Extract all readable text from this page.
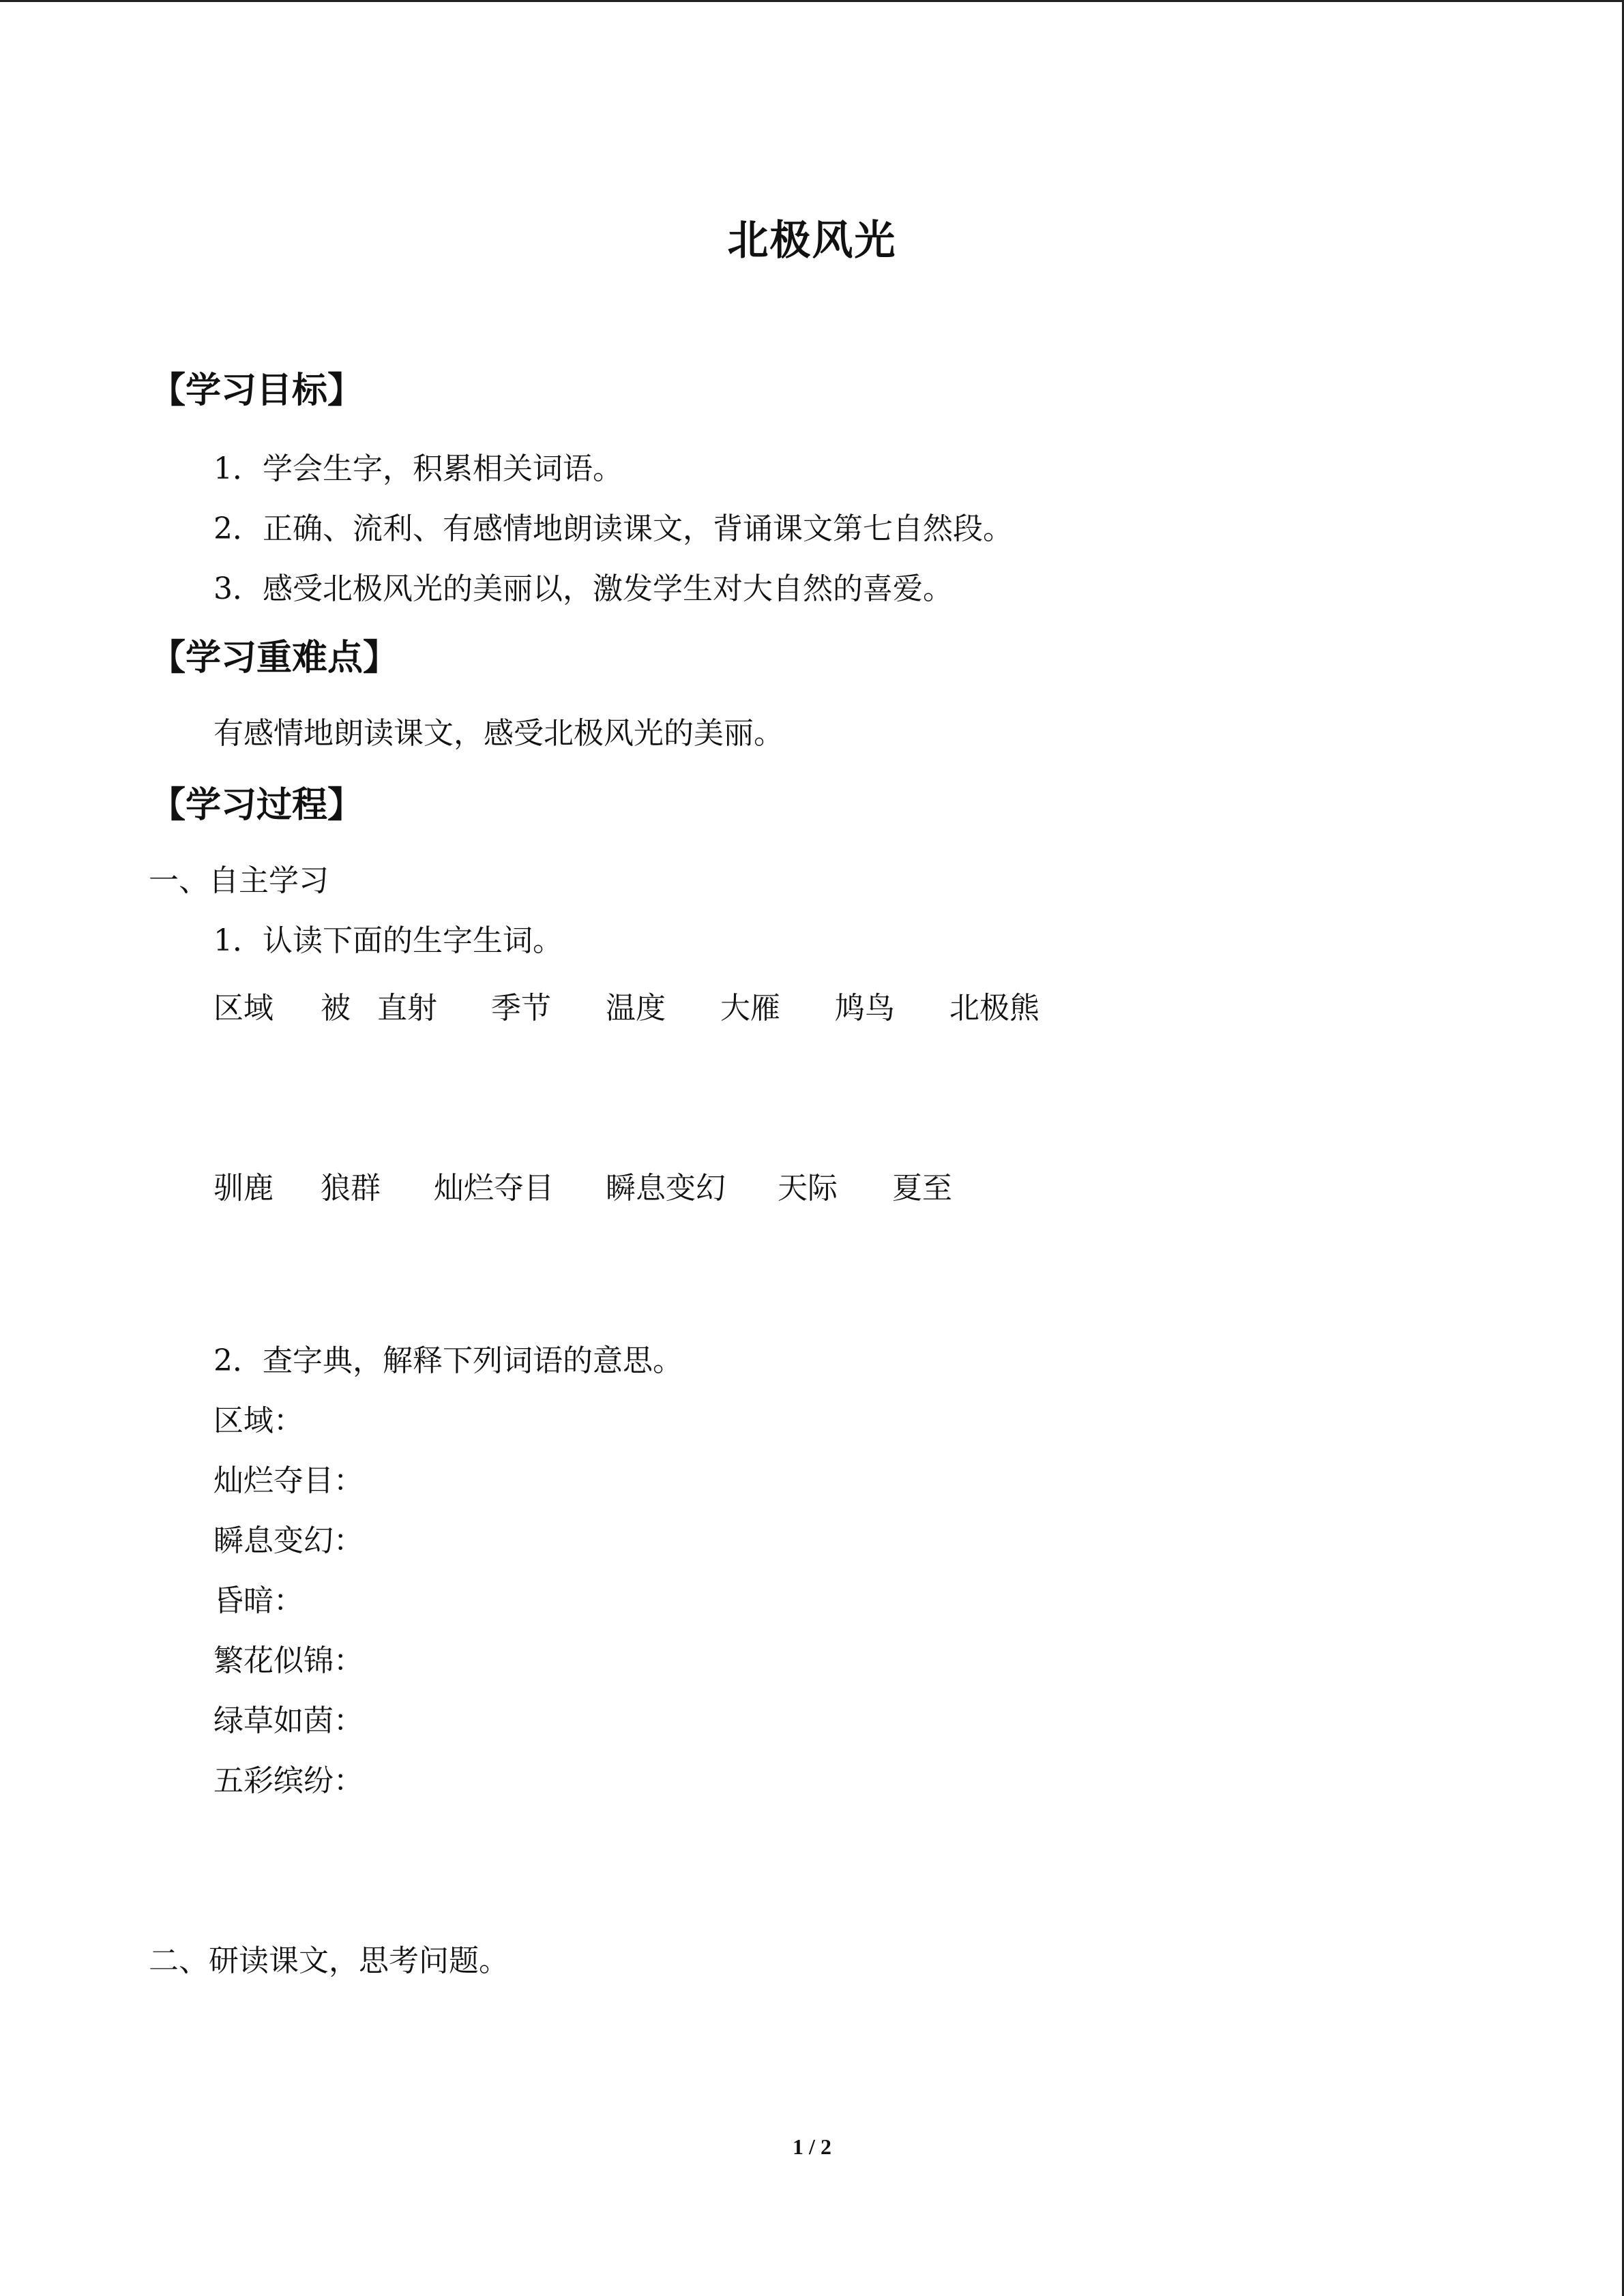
北极风光
【学习目标】
1．学会生字，积累相关词语。
2．正确、流利、有感情地朗读课文，背诵课文第七自然段。
3．感受北极风光的美丽以，激发学生对大自然的喜爱。
【学习重难点】
有感情地朗读课文，感受北极风光的美丽。
【学习过程】
一、自主学习
1．认读下面的生字生词。
区域 被 直射 季节 温度 大雁 鸠鸟 北极熊
驯鹿 狼群 灿烂夺目 瞬息变幻 天际 夏至
2．查字典，解释下列词语的意思。
区域：
灿烂夺目：
瞬息变幻：
昏暗：
繁花似锦：
绿草如茵：
五彩缤纷：
二、研读课文，思考问题。
1 / 2
